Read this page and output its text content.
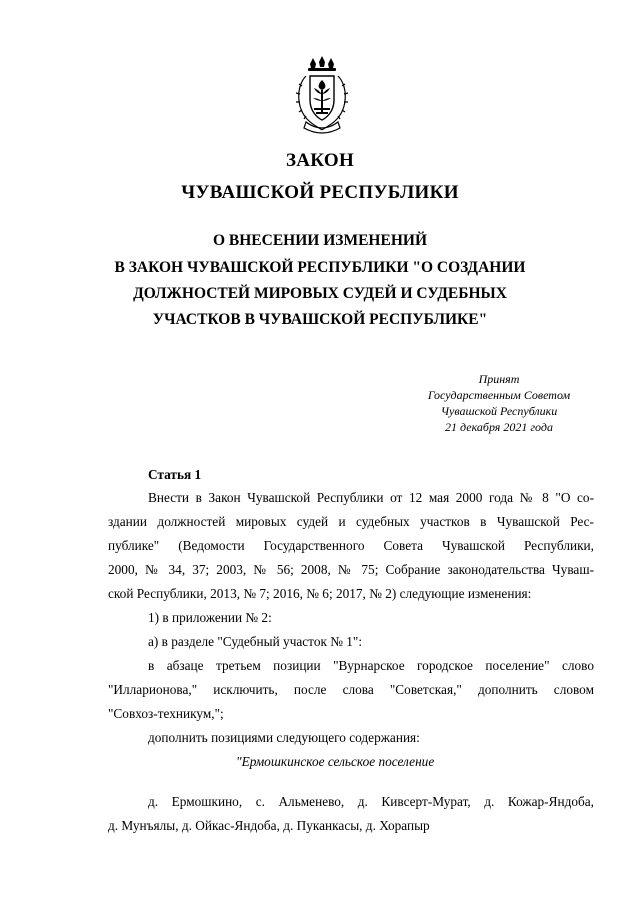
ЗАКОН
ЧУВАШСКОЙ РЕСПУБЛИКИ
О ВНЕСЕНИИ ИЗМЕНЕНИЙ
В ЗАКОН ЧУВАШСКОЙ РЕСПУБЛИКИ "О СОЗДАНИИ
ДОЛЖНОСТЕЙ МИРОВЫХ СУДЕЙ И СУДЕБНЫХ
УЧАСТКОВ В ЧУВАШСКОЙ РЕСПУБЛИКЕ"
Принят
Государственным Советом
Чувашской Республики
21 декабря 2021 года
Статья 1
Внести в Закон Чувашской Республики от 12 мая 2000 года № 8 "О со-
здании должностей мировых судей и судебных участков в Чувашской Рес-
публике" (Ведомости Государственного Совета Чувашской Республики,
2000, № 34, 37; 2003, № 56; 2008, № 75; Собрание законодательства Чуваш-
ской Республики, 2013, № 7; 2016, № 6; 2017, № 2) следующие изменения:
1) в приложении № 2:
а) в разделе "Судебный участок № 1":
в абзаце третьем позиции "Вурнарское городское поселение" слово
"Илларионова," исключить, после слова "Советская," дополнить словом
"Совхоз-техникум,";
дополнить позициями следующего содержания:
"Ермошкинское сельское поселение
д. Ермошкино, с. Альменево, д. Кивсерт-Мурат, д. Кожар-Яндоба,
д. Мунъялы, д. Ойкас-Яндоба, д. Пуканкасы, д. Хорапыр
